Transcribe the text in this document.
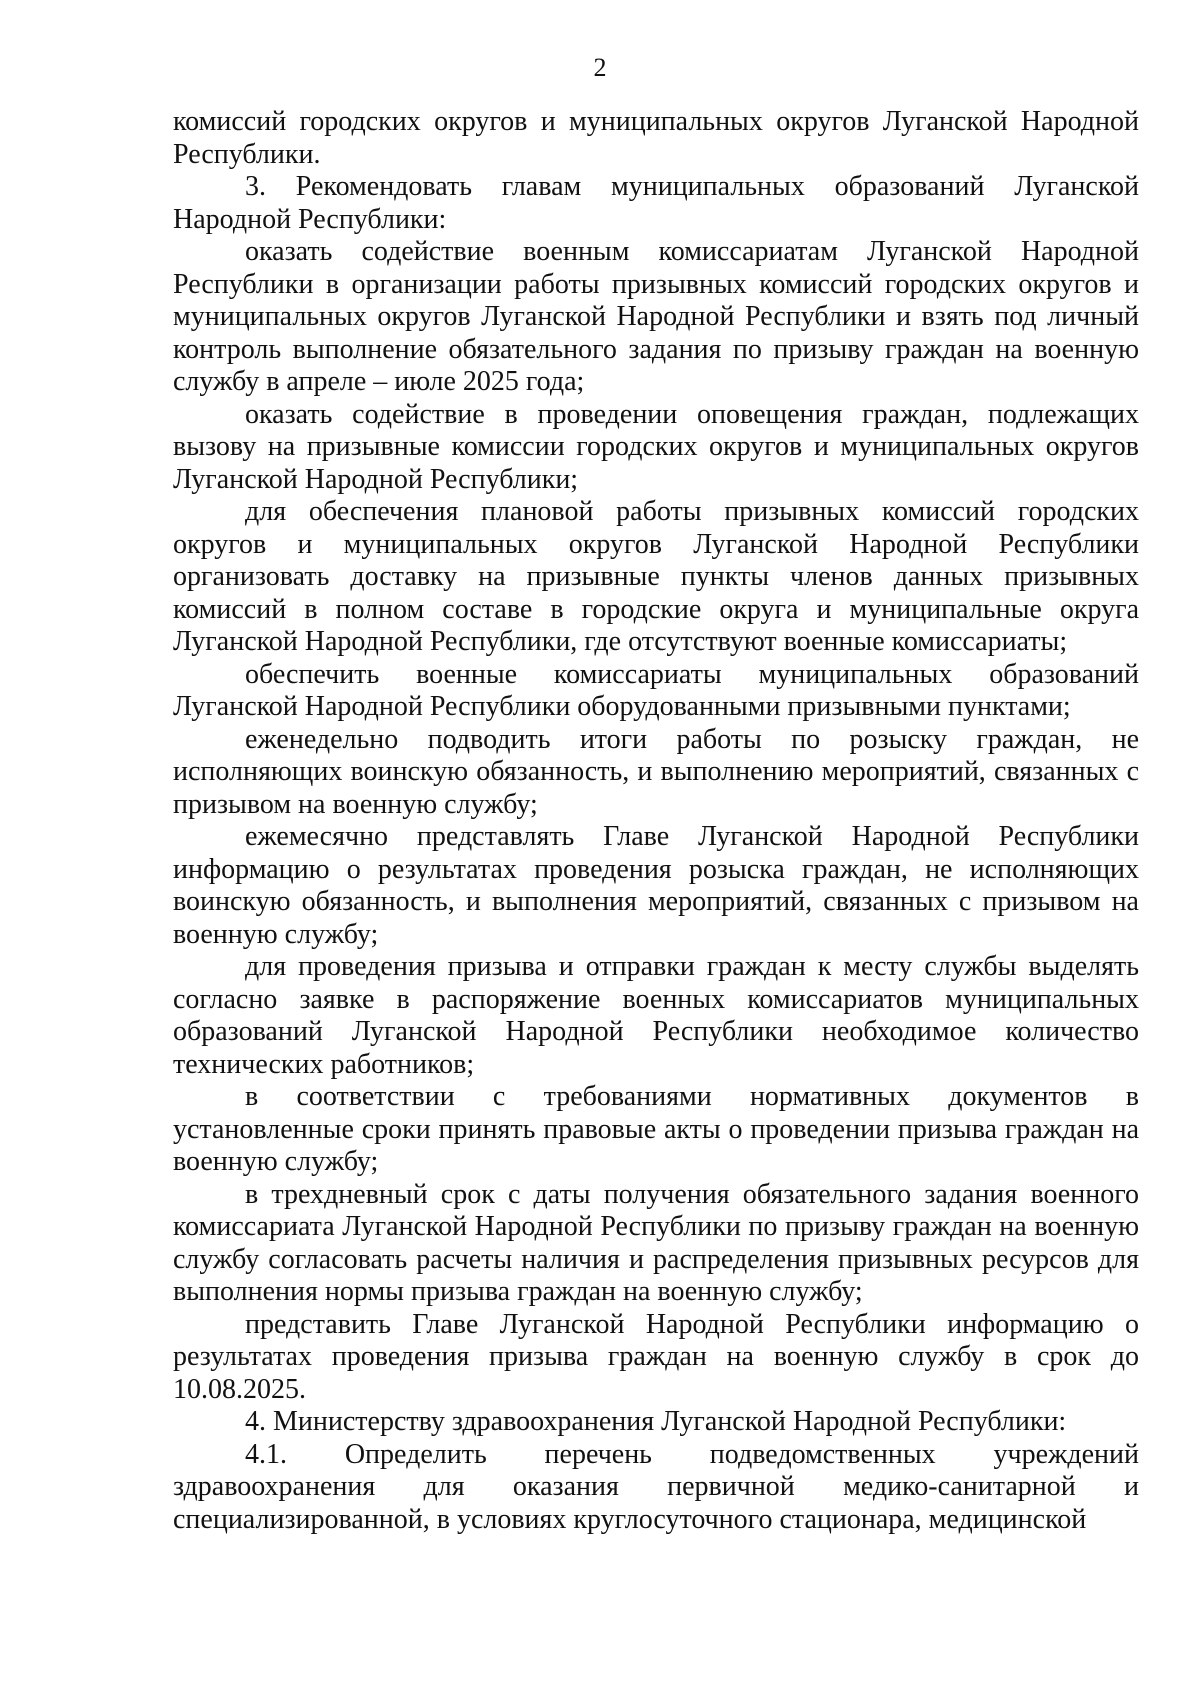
2

комиссий городских округов и муниципальных округов Луганской Народной Республики.

3. Рекомендовать главам муниципальных образований Луганской Народной Республики:

оказать содействие военным комиссариатам Луганской Народной Республики в организации работы призывных комиссий городских округов и муниципальных округов Луганской Народной Республики и взять под личный контроль выполнение обязательного задания по призыву граждан на военную службу в апреле – июле 2025 года;

оказать содействие в проведении оповещения граждан, подлежащих вызову на призывные комиссии городских округов и муниципальных округов Луганской Народной Республики;

для обеспечения плановой работы призывных комиссий городских округов и муниципальных округов Луганской Народной Республики организовать доставку на призывные пункты членов данных призывных комиссий в полном составе в городские округа и муниципальные округа Луганской Народной Республики, где отсутствуют военные комиссариаты;

обеспечить военные комиссариаты муниципальных образований Луганской Народной Республики оборудованными призывными пунктами;

еженедельно подводить итоги работы по розыску граждан, не исполняющих воинскую обязанность, и выполнению мероприятий, связанных с призывом на военную службу;

ежемесячно представлять Главе Луганской Народной Республики информацию о результатах проведения розыска граждан, не исполняющих воинскую обязанность, и выполнения мероприятий, связанных с призывом на военную службу;

для проведения призыва и отправки граждан к месту службы выделять согласно заявке в распоряжение военных комиссариатов муниципальных образований Луганской Народной Республики необходимое количество технических работников;

в соответствии с требованиями нормативных документов в установленные сроки принять правовые акты о проведении призыва граждан на военную службу;

в трехдневный срок с даты получения обязательного задания военного комиссариата Луганской Народной Республики по призыву граждан на военную службу согласовать расчеты наличия и распределения призывных ресурсов для выполнения нормы призыва граждан на военную службу;

представить Главе Луганской Народной Республики информацию о результатах проведения призыва граждан на военную службу в срок до 10.08.2025.

4. Министерству здравоохранения Луганской Народной Республики:

4.1. Определить перечень подведомственных учреждений здравоохранения для оказания первичной медико-санитарной и специализированной, в условиях круглосуточного стационара, медицинской
